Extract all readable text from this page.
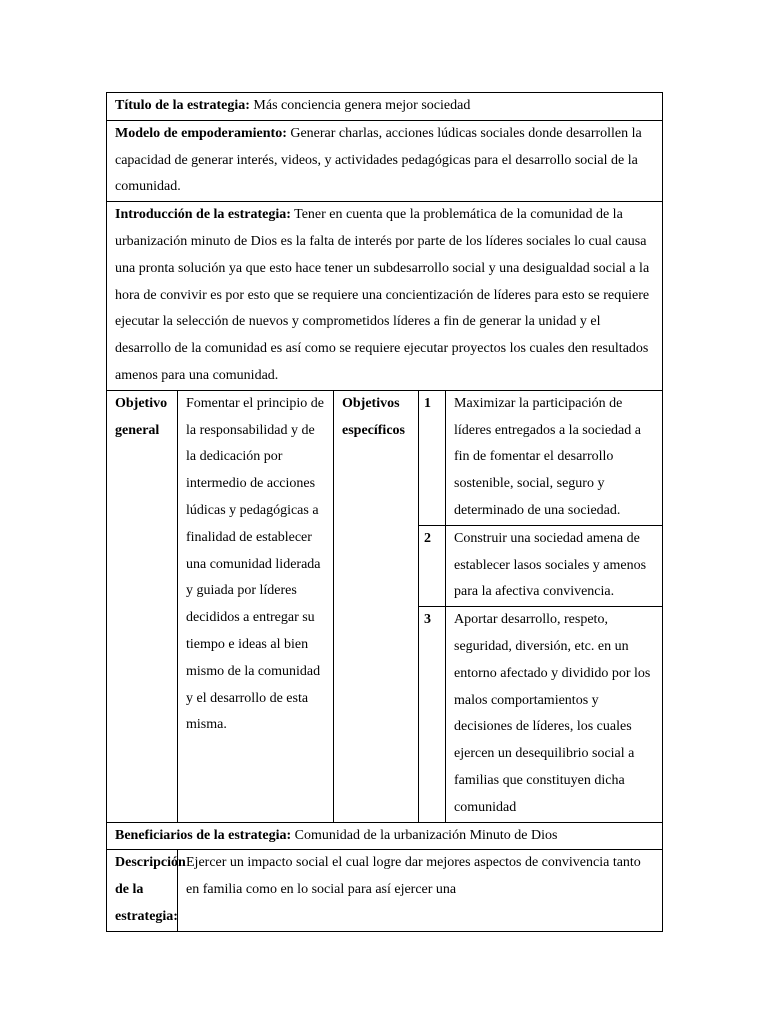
Título de la estrategia: Más conciencia genera mejor sociedad				
Modelo de empoderamiento: Generar charlas, acciones lúdicas sociales donde desarrollen la capacidad de generar interés, videos, y actividades pedagógicas para el desarrollo social de la comunidad.				
Introducción de la estrategia: Tener en cuenta que la problemática de la comunidad de la urbanización minuto de Dios es la falta de interés por parte de los líderes sociales lo cual causa una pronta solución ya que esto hace tener un subdesarrollo social y una desigualdad social a la hora de convivir es por esto que se requiere una concientización de líderes para esto se requiere ejecutar la selección de nuevos y comprometidos líderes a fin de generar la unidad y el desarrollo de la comunidad es así como se requiere ejecutar proyectos los cuales den resultados amenos para una comunidad.				
Objetivo general	Fomentar el principio de la responsabilidad y de la dedicación por intermedio de acciones lúdicas y pedagógicas a finalidad de establecer una comunidad liderada y guiada por líderes decididos a entregar su tiempo e ideas al bien mismo de la comunidad y el desarrollo de esta misma.	Objetivos específicos	1	Maximizar la participación de líderes entregados a la sociedad a fin de fomentar el desarrollo sostenible, social, seguro y determinado de una sociedad.
			2	Construir una sociedad amena de establecer lasos sociales y amenos para la afectiva convivencia.
			3	Aportar desarrollo, respeto, seguridad, diversión, etc. en un entorno afectado y dividido por los malos comportamientos y decisiones de líderes, los cuales ejercen un desequilibrio social a familias que constituyen dicha comunidad
Beneficiarios de la estrategia: Comunidad de la urbanización Minuto de Dios				
Descripción de la estrategia:	Ejercer un impacto social el cual logre dar mejores aspectos de convivencia tanto en familia como en lo social para así ejercer una			
